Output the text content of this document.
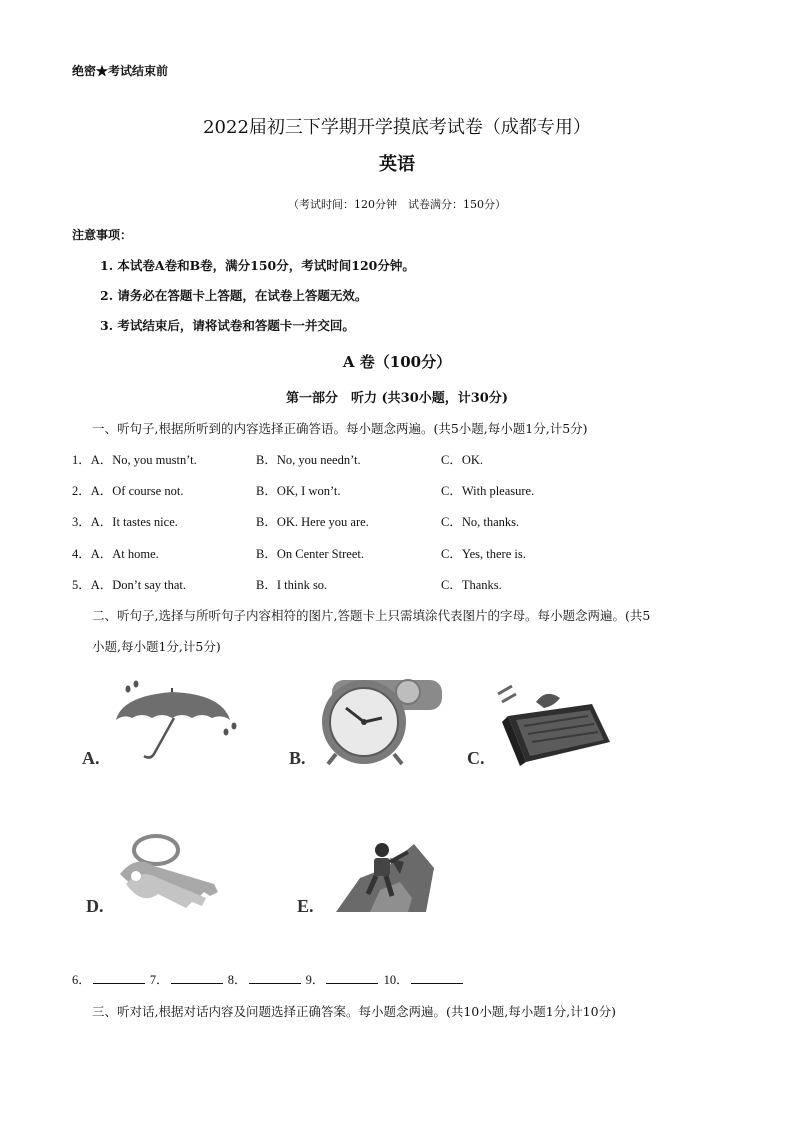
绝密★考试结束前
2022届初三下学期开学摸底考试卷（成都专用）
英语
（考试时间：120分钟　试卷满分：150分）
注意事项：
1. 本试卷A卷和B卷，满分150分，考试时间120分钟。
2. 请务必在答题卡上答题，在试卷上答题无效。
3. 考试结束后，请将试卷和答题卡一并交回。
A 卷（100分）
第一部分　听力 (共30小题，计30分)
一、听句子,根据所听到的内容选择正确答语。每小题念两遍。(共5小题,每小题1分,计5分)
1．A．No, you mustn’t.	B．No, you needn’t.	C．OK.
2．A．Of course not.	B．OK, I won’t.	C．With pleasure.
3．A．It tastes nice.	B．OK. Here you are.	C．No, thanks.
4．A．At home.	B．On Center Street.	C．Yes, there is.
5．A．Don’t say that.	B．I think so.	C．Thanks.
二、听句子,选择与所听句子内容相符的图片,答题卡上只需填涂代表图片的字母。每小题念两遍。(共5
小题,每小题1分,计5分)
A.	B.	C.
D.	E.
6．	7．	8．	9．	10．
三、听对话,根据对话内容及问题选择正确答案。每小题念两遍。(共10小题,每小题1分,计10分)
